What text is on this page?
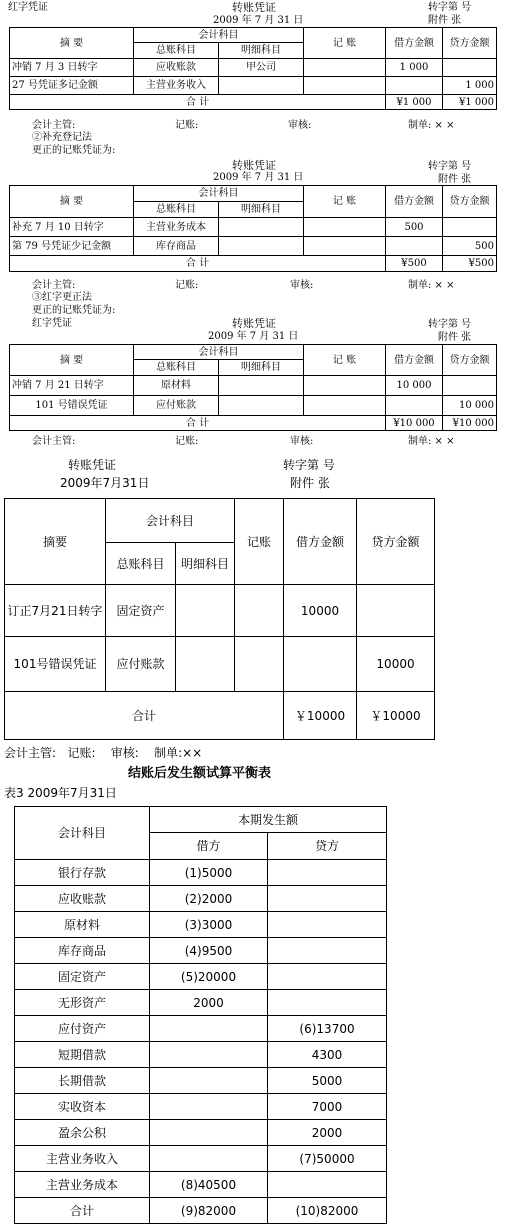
红字凭证	转账凭证	转字第 号
2009 年 7 月 31 日	附件 张
摘 要	会计科目		记 账	借方金额	贷方金额
	总账科目	明细科目			
冲销 7 月 3 日转字	应收账款	甲公司		1 000	
27 号凭证多记金额	主营业务收入				1 000
合 计				¥1 000	¥1 000
会计主管:	记账:	审核:	制单: × ×
②补充登记法
更正的记账凭证为:
转账凭证	转字第 号
2009 年 7 月 31 日	附件 张
摘 要	会计科目		记 账	借方金额	贷方金额
	总账科目	明细科目			
补充 7 月 10 日转字	主营业务成本			500	
第 79 号凭证少记金额	库存商品				500
合 计				¥500	¥500
会计主管:	记账:	审核:	制单: × ×
③红字更正法
更正的记账凭证为:
红字凭证	转账凭证	转字第 号
2009 年 7 月 31 日	附件 张
摘 要	会计科目		记 账	借方金额	贷方金额
	总账科目	明细科目			
冲销 7 月 21 日转字	原材料			10 000	
101 号错误凭证	应付账款				10 000
合 计				¥10 000	¥10 000
会计主管:	记账:	审核:	制单: × ×
转账凭证	转字第 号
2009年7月31日	附件 张
摘要	会计科目		记账	借方金额	贷方金额
	总账科目	明细科目			
订正7月21日转字	固定资产			10000	
101号错误凭证	应付账款				10000
合计				￥10000	￥10000
会计主管:   记账:    审核:    制单:××
结账后发生额试算平衡表
表3 2009年7月31日
会计科目	本期发生额	
	借方	贷方
银行存款	(1)5000	
应收账款	(2)2000	
原材料	(3)3000	
库存商品	(4)9500	
固定资产	(5)20000	
无形资产	2000	
应付资产		(6)13700
短期借款		4300
长期借款		5000
实收资本		7000
盈余公积		2000
主营业务收入		(7)50000
主营业务成本	(8)40500	
合计	(9)82000	(10)82000
